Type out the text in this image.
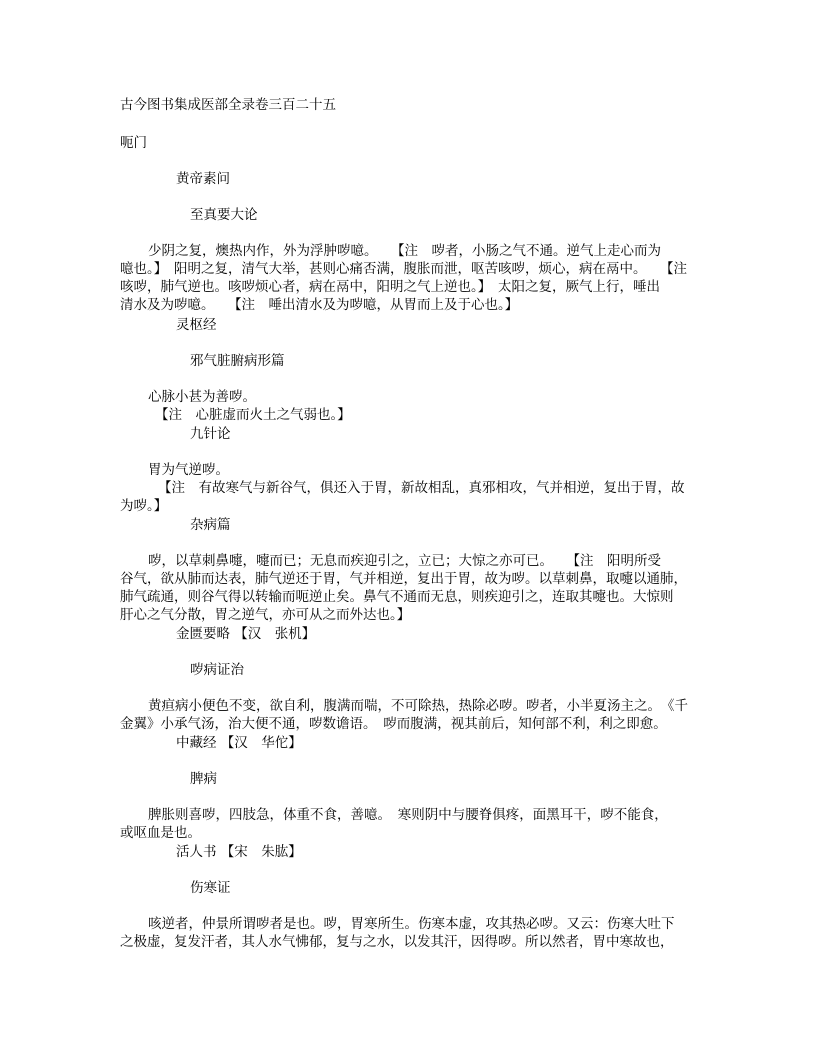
古今图书集成医部全录卷三百二十五
呃门
黄帝素问
至真要大论
少阴之复，燠热内作，外为浮肿哕噫。　　【注　哕者，小肠之气不通。逆气上走心而为
噫也。】　阳明之复，清气大举，甚则心痛否满，腹胀而泄，呕苦咳哕，烦心，病在鬲中。　　【注
咳哕，肺气逆也。咳哕烦心者，病在鬲中，阳明之气上逆也。】　太阳之复，厥气上行，唾出
清水及为哕噫。　　【注　唾出清水及为哕噫，从胃而上及于心也。】
灵枢经
邪气脏腑病形篇
心脉小甚为善哕。
【注　心脏虚而火土之气弱也。】
九针论
胃为气逆哕。
【注　有故寒气与新谷气，俱还入于胃，新故相乱，真邪相攻，气并相逆，复出于胃，故
为哕。】
杂病篇
哕，以草刺鼻嚏，嚏而已；无息而疾迎引之，立已；大惊之亦可已。　　【注　阳明所受
谷气，欲从肺而达表，肺气逆还于胃，气并相逆，复出于胃，故为哕。以草刺鼻，取嚏以通肺，
肺气疏通，则谷气得以转输而呃逆止矣。鼻气不通而无息，则疾迎引之，连取其嚏也。大惊则
肝心之气分散，胃之逆气，亦可从之而外达也。】
金匮要略 【汉　张机】
哕病证治
黄疸病小便色不变，欲自利，腹满而喘，不可除热，热除必哕。哕者，小半夏汤主之。　《千
金翼》小承气汤，治大便不通，哕数谵语。　哕而腹满，视其前后，知何部不利，利之即愈。
中藏经 【汉　华佗】
脾病
脾胀则喜哕，四肢急，体重不食，善噫。　寒则阴中与腰脊俱疼，面黑耳干，哕不能食，
或呕血是也。
活人书 【宋　朱肱】
伤寒证
咳逆者，仲景所谓哕者是也。哕，胃寒所生。伤寒本虚，攻其热必哕。又云：伤寒大吐下
之极虚，复发汗者，其人水气怫郁，复与之水，以发其汗，因得哕。所以然者，胃中寒故也，
